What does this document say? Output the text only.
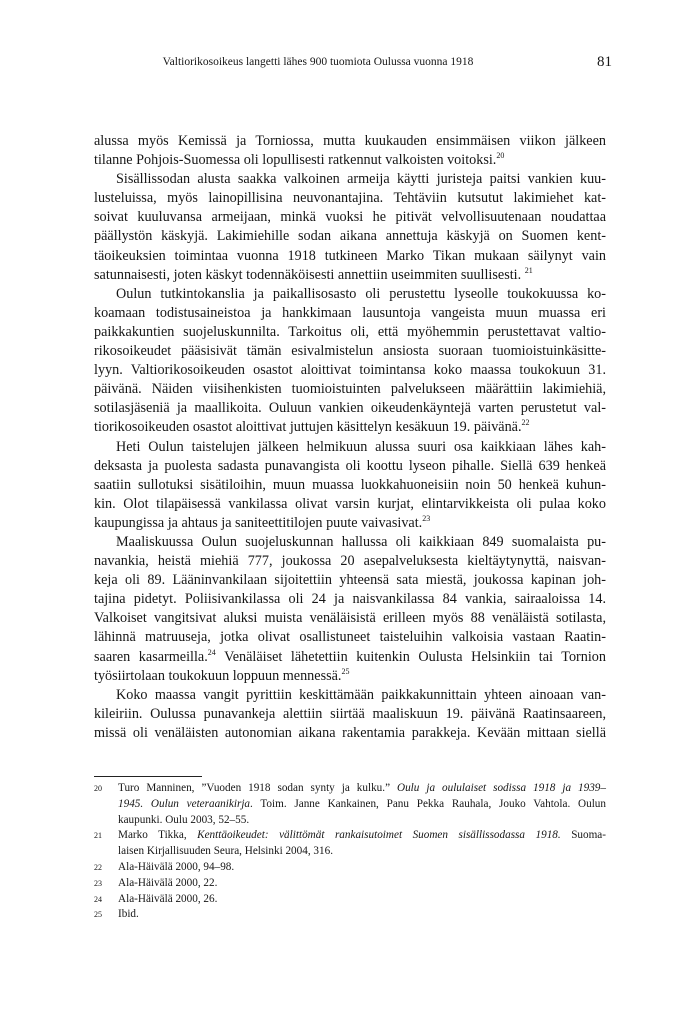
Valtiorikosoikeus langetti lähes 900 tuomiota Oulussa vuonna 1918	81
alussa myös Kemissä ja Torniossa, mutta kuukauden ensimmäisen viikon jälkeen
tilanne Pohjois-Suomessa oli lopullisesti ratkennut valkoisten voitoksi.$^{20}$
Sisällissodan alusta saakka valkoinen armeija käytti juristeja paitsi vankien kuu-
lusteluissa, myös lainopillisina neuvonantajina. Tehtäviin kutsutut lakimiehet kat-
soivat kuuluvansa armeijaan, minkä vuoksi he pitivät velvollisuutenaan noudattaa
päällystön käskyjä. Lakimiehille sodan aikana annettuja käskyjä on Suomen kent-
täoikeuksien toimintaa vuonna 1918 tutkineen Marko Tikan mukaan säilynyt vain
satunnaisesti, joten käskyt todennäköisesti annettiin useimmiten suullisesti. $^{21}$
Oulun tutkintokanslia ja paikallisosasto oli perustettu lyseolle toukokuussa ko-
koamaan todistusaineistoa ja hankkimaan lausuntoja vangeista muun muassa eri
paikkakuntien suojeluskunnilta. Tarkoitus oli, että myöhemmin perustettavat valtio-
rikosoikeudet pääsisivät tämän esivalmistelun ansiosta suoraan tuomioistuinkäsitte-
lyyn. Valtiorikosoikeuden osastot aloittivat toimintansa koko maassa toukokuun 31.
päivänä. Näiden viisihenkisten tuomioistuinten palvelukseen määrättiin lakimiehiä,
sotilasjäseniä ja maallikoita. Ouluun vankien oikeudenkäyntejä varten perustetut val-
tiorikosoikeuden osastot aloittivat juttujen käsittelyn kesäkuun 19. päivänä.$^{22}$
Heti Oulun taistelujen jälkeen helmikuun alussa suuri osa kaikkiaan lähes kah-
deksasta ja puolesta sadasta punavangista oli koottu lyseon pihalle. Siellä 639 henkeä
saatiin sullotuksi sisätiloihin, muun muassa luokkahuoneisiin noin 50 henkeä kuhun-
kin. Olot tilapäisessä vankilassa olivat varsin kurjat, elintarvikkeista oli pulaa koko
kaupungissa ja ahtaus ja saniteettitilojen puute vaivasivat.$^{23}$
Maaliskuussa Oulun suojeluskunnan hallussa oli kaikkiaan 849 suomalaista pu-
navankia, heistä miehiä 777, joukossa 20 asepalveluksesta kieltäytynyttä, naisvan-
keja oli 89. Lääninvankilaan sijoitettiin yhteensä sata miestä, joukossa kapinan joh-
tajina pidetyt. Poliisivankilassa oli 24 ja naisvankilassa 84 vankia, sairaaloissa 14.
Valkoiset vangitsivat aluksi muista venäläisistä erilleen myös 88 venäläistä sotilasta,
lähinnä matruuseja, jotka olivat osallistuneet taisteluihin valkoisia vastaan Raatin-
saaren kasarmeilla.$^{24}$ Venäläiset lähetettiin kuitenkin Oulusta Helsinkiin tai Tornion
työsiirtolaan toukokuun loppuun mennessä.$^{25}$
Koko maassa vangit pyrittiin keskittämään paikkakunnittain yhteen ainoaan van-
kileiriin. Oulussa punavankeja alettiin siirtää maaliskuun 19. päivänä Raatinsaareen,
missä oli venäläisten autonomian aikana rakentamia parakkeja. Kevään mittaan siellä
20 Turo Manninen, ”Vuoden 1918 sodan synty ja kulku.” Oulu ja oululaiset sodissa 1918 ja 1939–
1945. Oulun veteraanikirja. Toim. Janne Kankainen, Panu Pekka Rauhala, Jouko Vahtola. Oulun
kaupunki. Oulu 2003, 52–55.
21 Marko Tikka, Kenttäoikeudet: välittömät rankaisutoimet Suomen sisällissodassa 1918. Suoma-
laisen Kirjallisuuden Seura, Helsinki 2004, 316.
22 Ala-Häivälä 2000, 94–98.
23 Ala-Häivälä 2000, 22.
24 Ala-Häivälä 2000, 26.
25 Ibid.
